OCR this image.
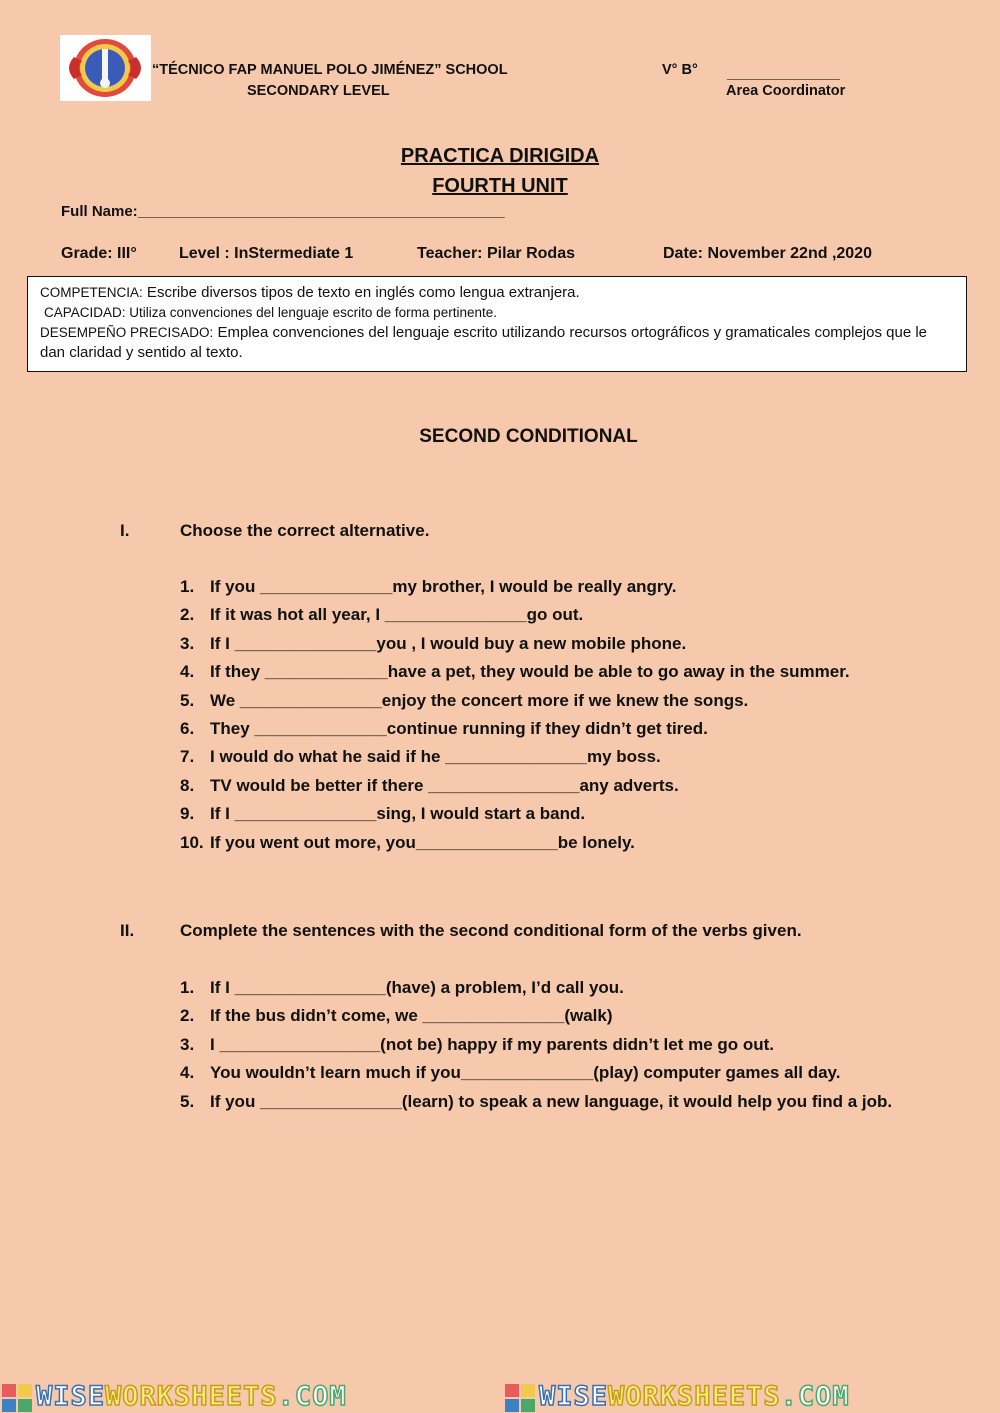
“TÉCNICO FAP MANUEL POLO JIMÉNEZ” SCHOOL
SECONDARY LEVEL
V° B° ______________
Area Coordinator
PRACTICA DIRIGIDA
FOURTH UNIT
Full Name:____________________________________________
Grade: III°	Level : InStermediate 1	Teacher: Pilar Rodas	Date: November 22nd ,2020
COMPETENCIA: Escribe diversos tipos de texto en inglés como lengua extranjera.
CAPACIDAD: Utiliza convenciones del lenguaje escrito de forma pertinente.
DESEMPEÑO PRECISADO: Emplea convenciones del lenguaje escrito utilizando recursos ortográficos y gramaticales complejos que le dan claridad y sentido al texto.
SECOND CONDITIONAL
I.	Choose the correct alternative.
1. If you ______________my brother, I would be really angry.
2. If it was hot all year, I _______________go out.
3. If I _______________you , I would buy a new mobile phone.
4. If they _____________have a pet, they would be able to go away in the summer.
5. We _______________enjoy the concert more if we knew the songs.
6. They ______________continue running if they didn’t get tired.
7. I would do what he said if he _______________my boss.
8. TV would be better if there ________________any adverts.
9. If I _______________sing, I would start a band.
10. If you went out more, you_______________be lonely.
II.	Complete the sentences with the second conditional form of the verbs given.
1. If I ________________(have) a problem, I’d call you.
2. If the bus didn’t come, we _______________(walk)
3. I _________________(not be) happy if my parents didn’t let me go out.
4. You wouldn’t learn much if you______________(play) computer games all day.
5. If you _______________(learn) to speak a new language, it would help you find a job.
WISEWORKSHEETS.COM	WISEWORKSHEETS.COM
